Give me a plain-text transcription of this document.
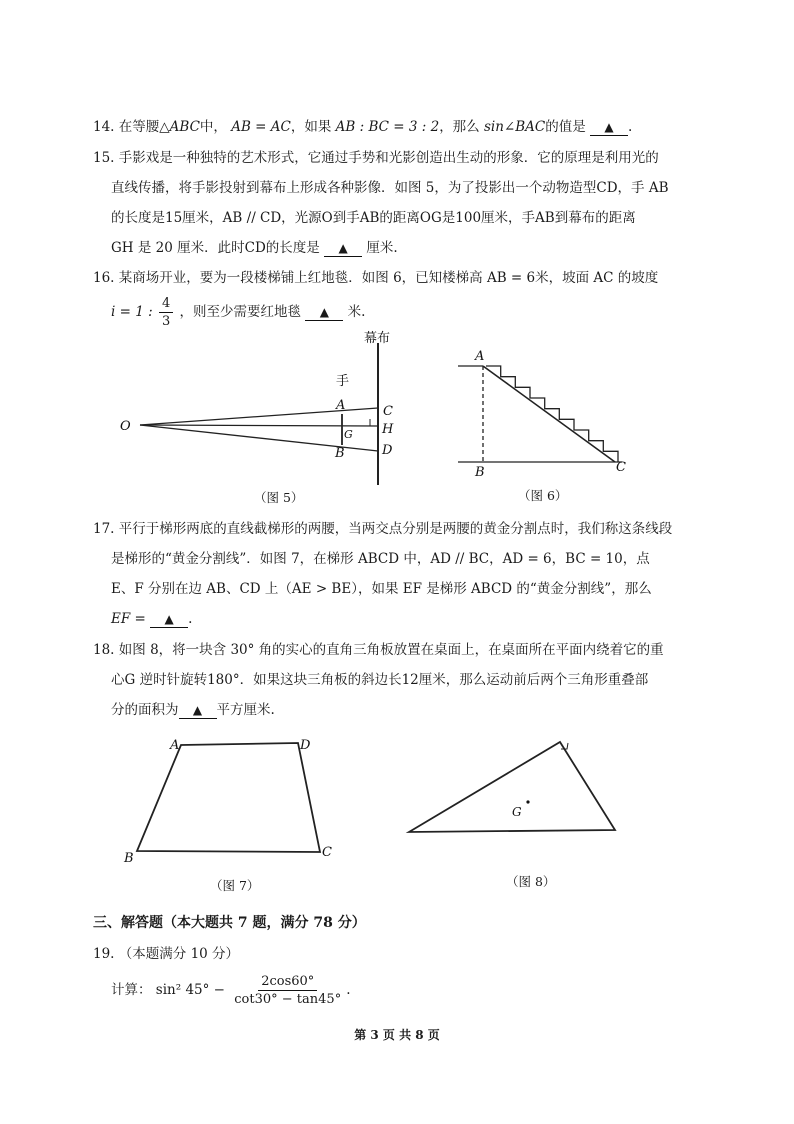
14. 在等腰△ABC中， AB = AC，如果 AB : BC = 3 : 2，那么 sin∠BAC的值是 ▲ .
15. 手影戏是一种独特的艺术形式，它通过手势和光影创造出生动的形象．它的原理是利用光的
直线传播，将手影投射到幕布上形成各种影像．如图 5，为了投影出一个动物造型CD，手 AB
的长度是15厘米，AB // CD，光源O到手AB的距离OG是100厘米，手AB到幕布的距离
GH 是 20 厘米．此时CD的长度是 ▲ 厘米.
16. 某商场开业，要为一段楼梯铺上红地毯．如图 6，已知楼梯高 AB = 6米，坡面 AC 的坡度
i = 1 : $\frac{4}{3}$ ，则至少需要红地毯 ▲ 米.
O
A
B
G
C
H
D
幕布
手
（图 5）
A
B	C
（图 6）
17. 平行于梯形两底的直线截梯形的两腰，当两交点分别是两腰的黄金分割点时，我们称这条线段
是梯形的“黄金分割线”．如图 7，在梯形 ABCD 中，AD // BC，AD = 6，BC = 10，点
E、F 分别在边 AB、CD 上（AE > BE），如果 EF 是梯形 ABCD 的“黄金分割线”，那么
EF = ▲ .
18. 如图 8，将一块含 30° 角的实心的直角三角板放置在桌面上，在桌面所在平面内绕着它的重
心G 逆时针旋转180°．如果这块三角板的斜边长12厘米，那么运动前后两个三角形重叠部
分的面积为 ▲ 平方厘米.
A	D
B	C
（图 7）
G
（图 8）
三、解答题（本大题共 7 题，满分 78 分）
19. （本题满分 10 分）
计算： sin² $45^\circ - \frac{2\cos 60^\circ}{\cot 30^\circ - \tan 45^\circ}$ .
第 3 页 共 8 页
